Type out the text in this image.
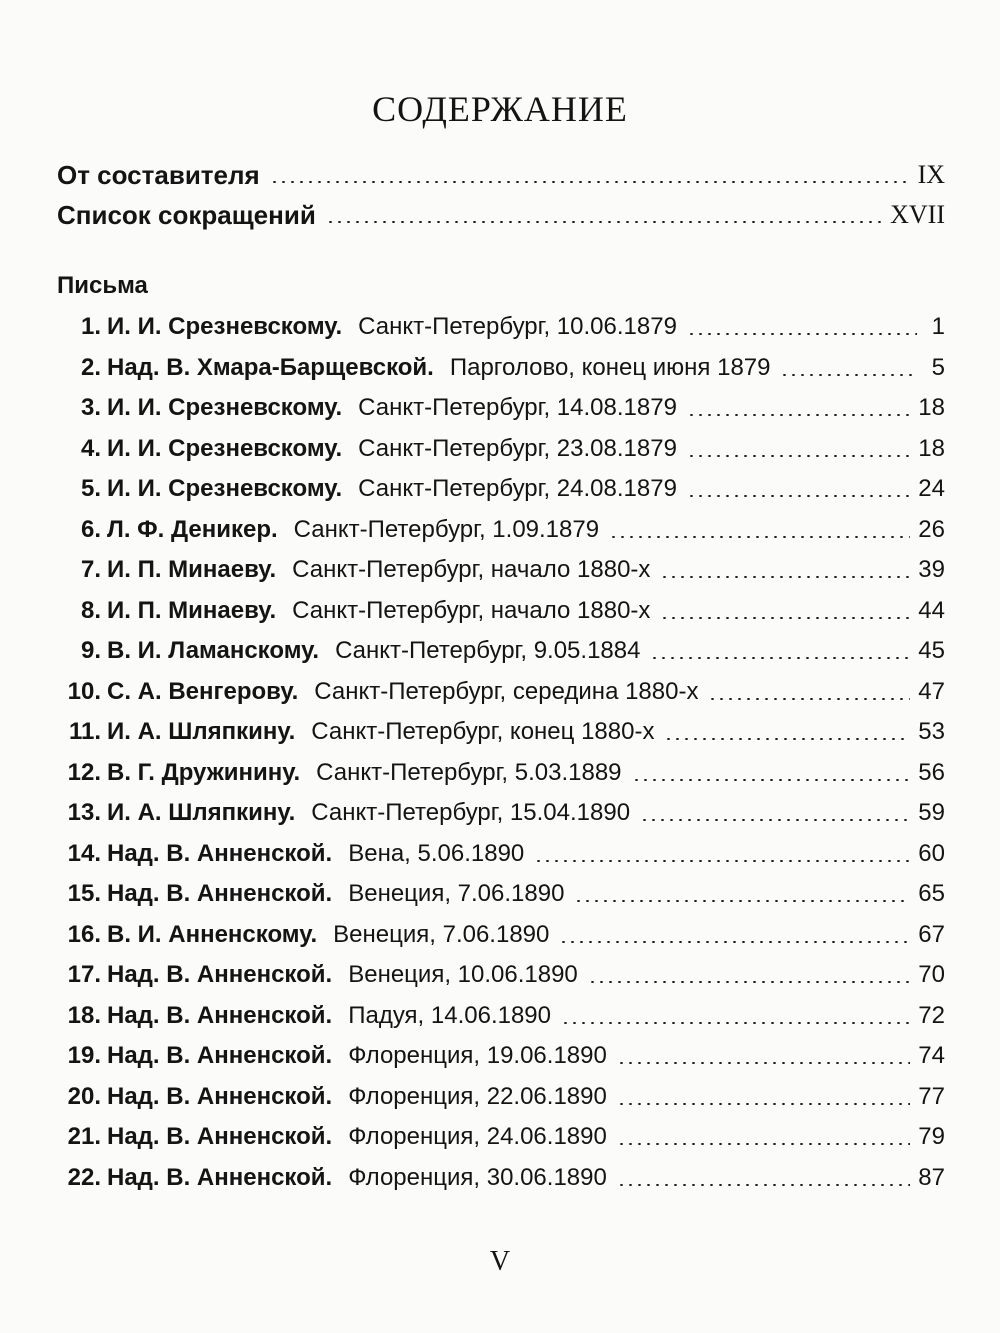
СОДЕРЖАНИЕ
От составителя	IX
Список сокращений	XVII
Письма
1. И. И. Срезневскому. Санкт-Петербург, 10.06.1879	1
2. Над. В. Хмара-Барщевской. Парголово, конец июня 1879	5
3. И. И. Срезневскому. Санкт-Петербург, 14.08.1879	18
4. И. И. Срезневскому. Санкт-Петербург, 23.08.1879	18
5. И. И. Срезневскому. Санкт-Петербург, 24.08.1879	24
6. Л. Ф. Деникер. Санкт-Петербург, 1.09.1879	26
7. И. П. Минаеву. Санкт-Петербург, начало 1880-х	39
8. И. П. Минаеву. Санкт-Петербург, начало 1880-х	44
9. В. И. Ламанскому. Санкт-Петербург, 9.05.1884	45
10. С. А. Венгерову. Санкт-Петербург, середина 1880-х	47
11. И. А. Шляпкину. Санкт-Петербург, конец 1880-х	53
12. В. Г. Дружинину. Санкт-Петербург, 5.03.1889	56
13. И. А. Шляпкину. Санкт-Петербург, 15.04.1890	59
14. Над. В. Анненской. Вена, 5.06.1890	60
15. Над. В. Анненской. Венеция, 7.06.1890	65
16. В. И. Анненскому. Венеция, 7.06.1890	67
17. Над. В. Анненской. Венеция, 10.06.1890	70
18. Над. В. Анненской. Падуя, 14.06.1890	72
19. Над. В. Анненской. Флоренция, 19.06.1890	74
20. Над. В. Анненской. Флоренция, 22.06.1890	77
21. Над. В. Анненской. Флоренция, 24.06.1890	79
22. Над. В. Анненской. Флоренция, 30.06.1890	87
V
